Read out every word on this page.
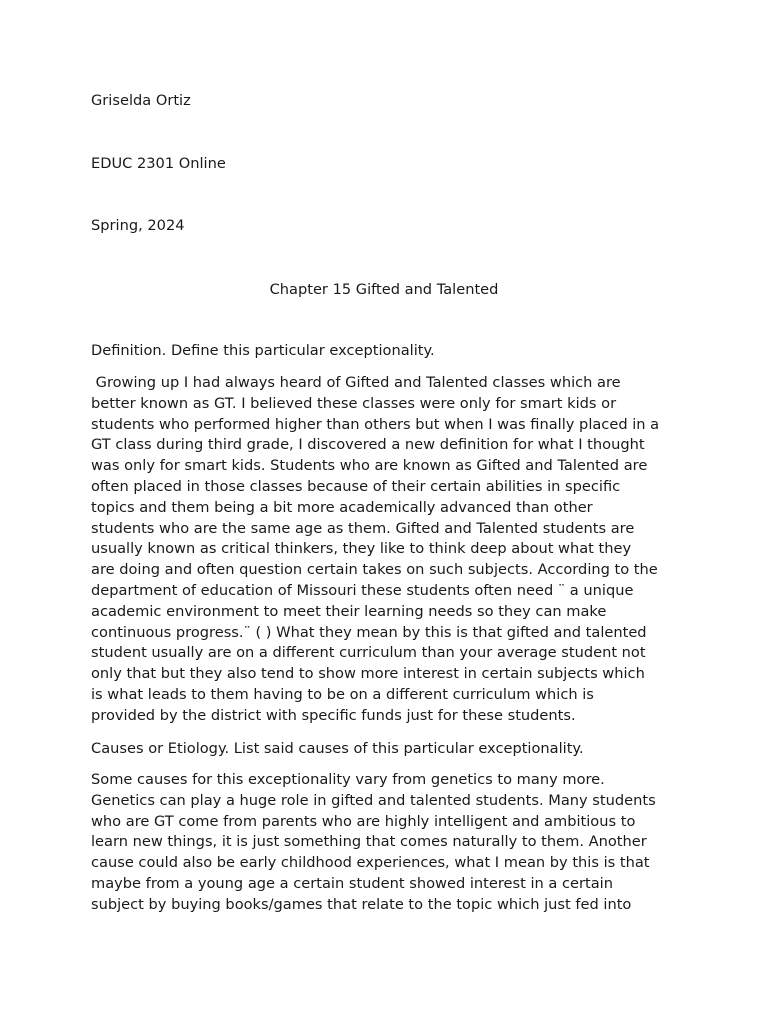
Griselda Ortiz
EDUC 2301 Online
Spring, 2024
Chapter 15 Gifted and Talented
Definition. Define this particular exceptionality.
Growing up I had always heard of Gifted and Talented classes which are
better known as GT. I believed these classes were only for smart kids or
students who performed higher than others but when I was finally placed in a
GT class during third grade, I discovered a new definition for what I thought
was only for smart kids. Students who are known as Gifted and Talented are
often placed in those classes because of their certain abilities in specific
topics and them being a bit more academically advanced than other
students who are the same age as them. Gifted and Talented students are
usually known as critical thinkers, they like to think deep about what they
are doing and often question certain takes on such subjects. According to the
department of education of Missouri these students often need ¨ a unique
academic environment to meet their learning needs so they can make
continuous progress.¨ ( ) What they mean by this is that gifted and talented
student usually are on a different curriculum than your average student not
only that but they also tend to show more interest in certain subjects which
is what leads to them having to be on a different curriculum which is
provided by the district with specific funds just for these students.
Causes or Etiology. List said causes of this particular exceptionality.
Some causes for this exceptionality vary from genetics to many more.
Genetics can play a huge role in gifted and talented students. Many students
who are GT come from parents who are highly intelligent and ambitious to
learn new things, it is just something that comes naturally to them. Another
cause could also be early childhood experiences, what I mean by this is that
maybe from a young age a certain student showed interest in a certain
subject by buying books/games that relate to the topic which just fed into
